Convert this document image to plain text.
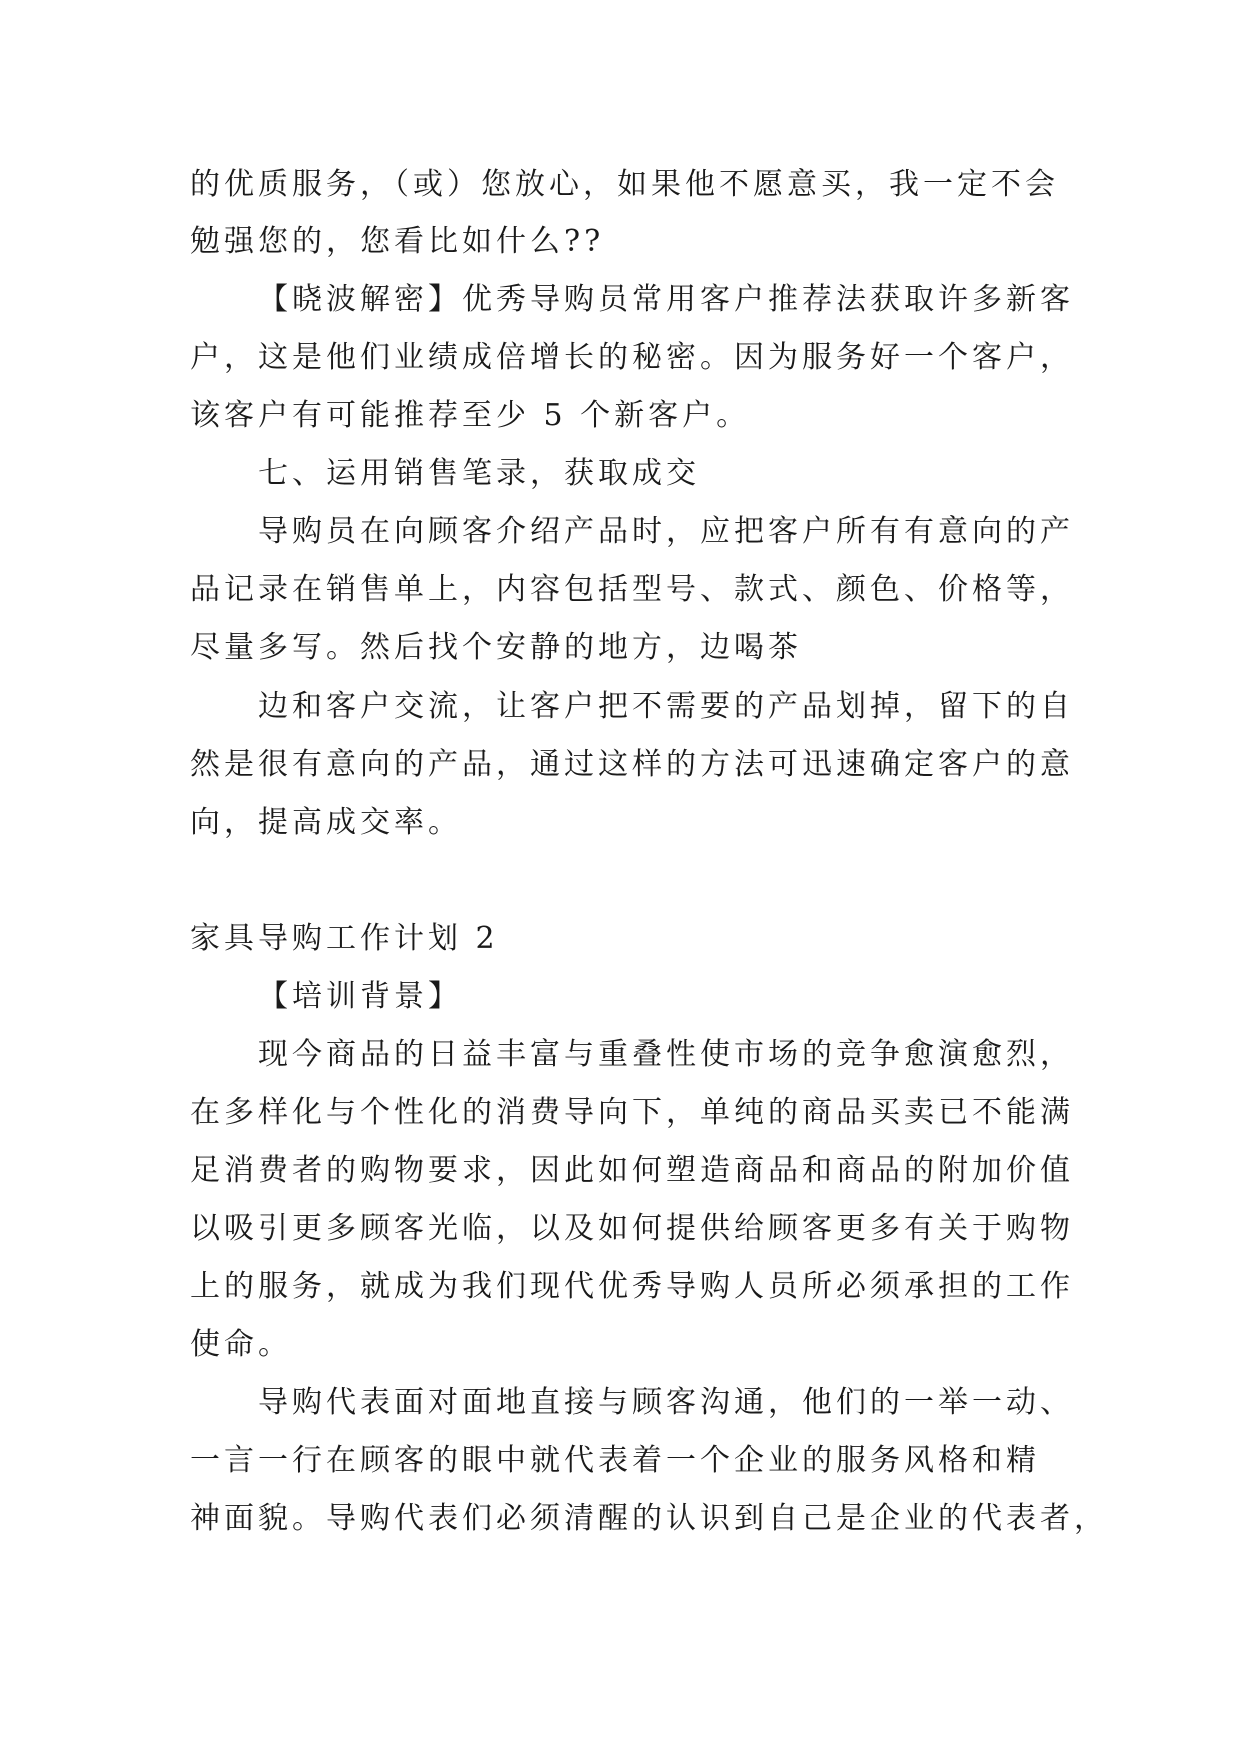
的优质服务，（或）您放心，如果他不愿意买，我一定不会
勉强您的，您看比如什么??
【晓波解密】优秀导购员常用客户推荐法获取许多新客
户，这是他们业绩成倍增长的秘密。因为服务好一个客户，
该客户有可能推荐至少 5 个新客户。
七、运用销售笔录，获取成交
导购员在向顾客介绍产品时，应把客户所有有意向的产
品记录在销售单上，内容包括型号、款式、颜色、价格等，
尽量多写。然后找个安静的地方，边喝茶
边和客户交流，让客户把不需要的产品划掉，留下的自
然是很有意向的产品，通过这样的方法可迅速确定客户的意
向，提高成交率。
家具导购工作计划 2
【培训背景】
现今商品的日益丰富与重叠性使市场的竞争愈演愈烈，
在多样化与个性化的消费导向下，单纯的商品买卖已不能满
足消费者的购物要求，因此如何塑造商品和商品的附加价值
以吸引更多顾客光临，以及如何提供给顾客更多有关于购物
上的服务，就成为我们现代优秀导购人员所必须承担的工作
使命。
导购代表面对面地直接与顾客沟通，他们的一举一动、
一言一行在顾客的眼中就代表着一个企业的服务风格和精
神面貌。导购代表们必须清醒的认识到自己是企业的代表者，
